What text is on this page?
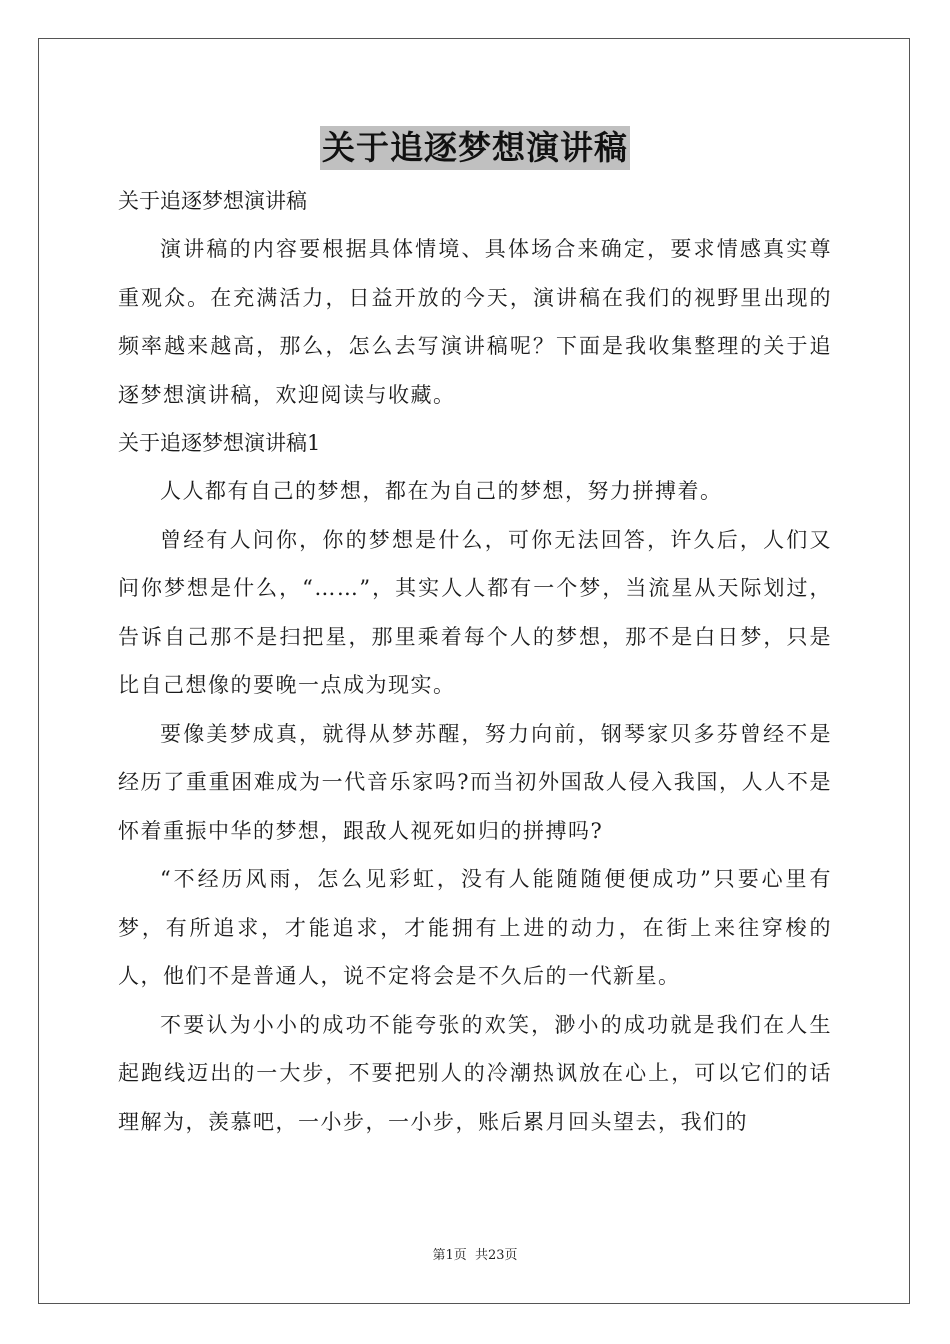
关于追逐梦想演讲稿

关于追逐梦想演讲稿

演讲稿的内容要根据具体情境、具体场合来确定，要求情感真实尊重观众。在充满活力，日益开放的今天，演讲稿在我们的视野里出现的频率越来越高，那么，怎么去写演讲稿呢？下面是我收集整理的关于追逐梦想演讲稿，欢迎阅读与收藏。

关于追逐梦想演讲稿1

人人都有自己的梦想，都在为自己的梦想，努力拼搏着。

曾经有人问你，你的梦想是什么，可你无法回答，许久后，人们又问你梦想是什么，“……”，其实人人都有一个梦，当流星从天际划过，告诉自己那不是扫把星，那里乘着每个人的梦想，那不是白日梦，只是比自己想像的要晚一点成为现实。

要像美梦成真，就得从梦苏醒，努力向前，钢琴家贝多芬曾经不是经历了重重困难成为一代音乐家吗?而当初外国敌人侵入我国，人人不是怀着重振中华的梦想，跟敌人视死如归的拼搏吗?

“不经历风雨，怎么见彩虹，没有人能随随便便成功”只要心里有梦，有所追求，才能追求，才能拥有上进的动力，在街上来往穿梭的人，他们不是普通人，说不定将会是不久后的一代新星。

不要认为小小的成功不能夸张的欢笑，渺小的成功就是我们在人生起跑线迈出的一大步，不要把别人的冷潮热讽放在心上，可以它们的话理解为，羡慕吧，一小步，一小步，账后累月回头望去，我们的

第1页 共23页
